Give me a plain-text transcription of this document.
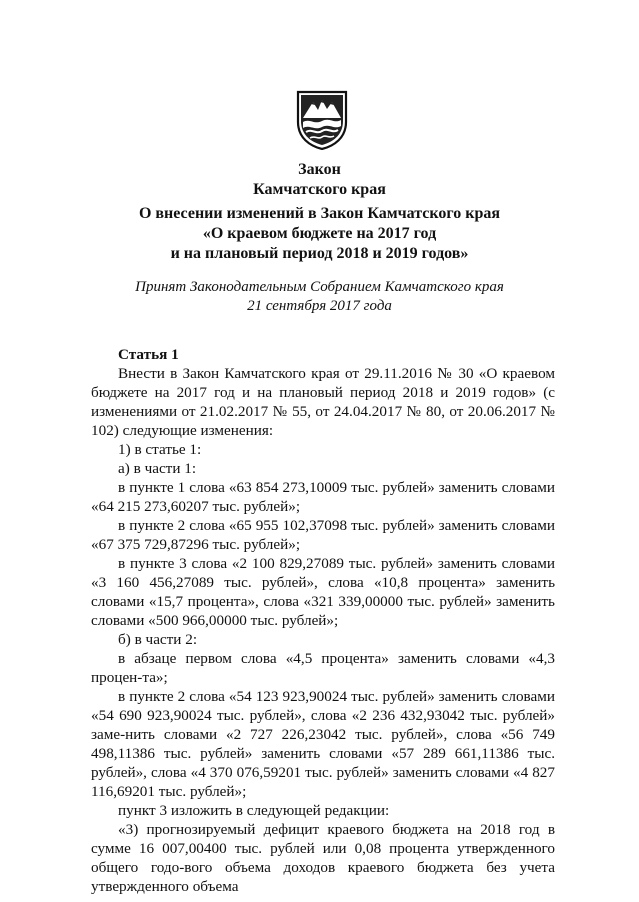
Закон
Камчатского края
О внесении изменений в Закон Камчатского края
«О краевом бюджете на 2017 год
и на плановый период 2018 и 2019 годов»
Принят Законодательным Собранием Камчатского края
21 сентября 2017 года

Статья 1

Внести в Закон Камчатского края от 29.11.2016 № 30 «О краевом бюджете на 2017 год и на плановый период 2018 и 2019 годов» (с изменениями от 21.02.2017 № 55, от 24.04.2017 № 80, от 20.06.2017 № 102) следующие изменения:

1) в статье 1:

а) в части 1:

в пункте 1 слова «63 854 273,10009 тыс. рублей» заменить словами «64 215 273,60207 тыс. рублей»;

в пункте 2 слова «65 955 102,37098 тыс. рублей» заменить словами «67 375 729,87296 тыс. рублей»;

в пункте 3 слова «2 100 829,27089 тыс. рублей» заменить словами «3 160 456,27089 тыс. рублей», слова «10,8 процента» заменить словами «15,7 процента», слова «321 339,00000 тыс. рублей» заменить словами «500 966,00000 тыс. рублей»;

б) в части 2:

в абзаце первом слова «4,5 процента» заменить словами «4,3 процен-та»;

в пункте 2 слова «54 123 923,90024 тыс. рублей» заменить словами «54 690 923,90024 тыс. рублей», слова «2 236 432,93042 тыс. рублей» заме-нить словами «2 727 226,23042 тыс. рублей», слова «56 749 498,11386 тыс. рублей» заменить словами «57 289 661,11386 тыс. рублей», слова «4 370 076,59201 тыс. рублей» заменить словами «4 827 116,69201 тыс. рублей»;

пункт 3 изложить в следующей редакции:

«3) прогнозируемый дефицит краевого бюджета на 2018 год в сумме 16 007,00400 тыс. рублей или 0,08 процента утвержденного общего годо-вого объема доходов краевого бюджета без учета утвержденного объема
